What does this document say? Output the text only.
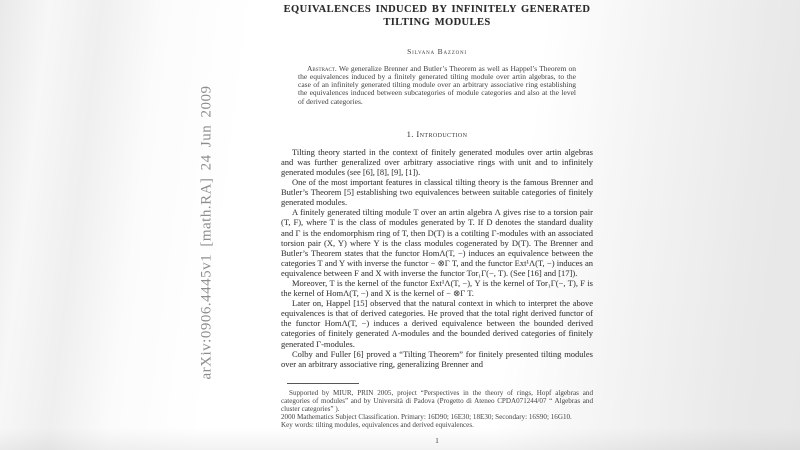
arXiv:0906.4445v1 [math.RA] 24 Jun 2009
EQUIVALENCES INDUCED BY INFINITELY GENERATED TILTING MODULES
Silvana Bazzoni

Abstract. We generalize Brenner and Butler’s Theorem as well as Happel’s Theorem on the equivalences induced by a finitely generated tilting module over artin algebras, to the case of an infinitely generated tilting module over an arbitrary associative ring establishing the equivalences induced between subcategories of module categories and also at the level of derived categories.

1. Introduction

Tilting theory started in the context of finitely generated modules over artin algebras and was further generalized over arbitrary associative rings with unit and to infinitely generated modules (see [6], [8], [9], [1]).

One of the most important features in classical tilting theory is the famous Brenner and Butler’s Theorem [5] establishing two equivalences between suitable categories of finitely generated modules.

A finitely generated tilting module T over an artin algebra Λ gives rise to a torsion pair (T, F), where T is the class of modules generated by T. If D denotes the standard duality and Γ is the endomorphism ring of T, then D(T) is a cotilting Γ-modules with an associated torsion pair (X, Y) where Y is the class modules cogenerated by D(T). The Brenner and Butler’s Theorem states that the functor HomΛ(T, −) induces an equivalence between the categories T and Y with inverse the functor − ⊗Γ T, and the functor Ext¹Λ(T, −) induces an equivalence between F and X with inverse the functor Tor₁Γ(−, T). (See [16] and [17]).

Moreover, T is the kernel of the functor Ext¹Λ(T, −), Y is the kernel of Tor₁Γ(−, T), F is the kernel of HomΛ(T, −) and X is the kernel of − ⊗Γ T.

Later on, Happel [15] observed that the natural context in which to interpret the above equivalences is that of derived categories. He proved that the total right derived functor of the functor HomΛ(T, −) induces a derived equivalence between the bounded derived categories of finitely generated Λ-modules and the bounded derived categories of finitely generated Γ-modules.

Colby and Fuller [6] proved a “Tilting Theorem” for finitely presented tilting modules over an arbitrary associative ring, generalizing Brenner and

Supported by MIUR, PRIN 2005, project “Perspectives in the theory of rings, Hopf algebras and categories of modules” and by Università di Padova (Progetto di Ateneo CPDA071244/07 “ Algebras and cluster categories” ).

2000 Mathematics Subject Classification. Primary: 16D90; 16E30; 18E30; Secondary: 16S90; 16G10.

Key words: tilting modules, equivalences and derived equivalences.

1
